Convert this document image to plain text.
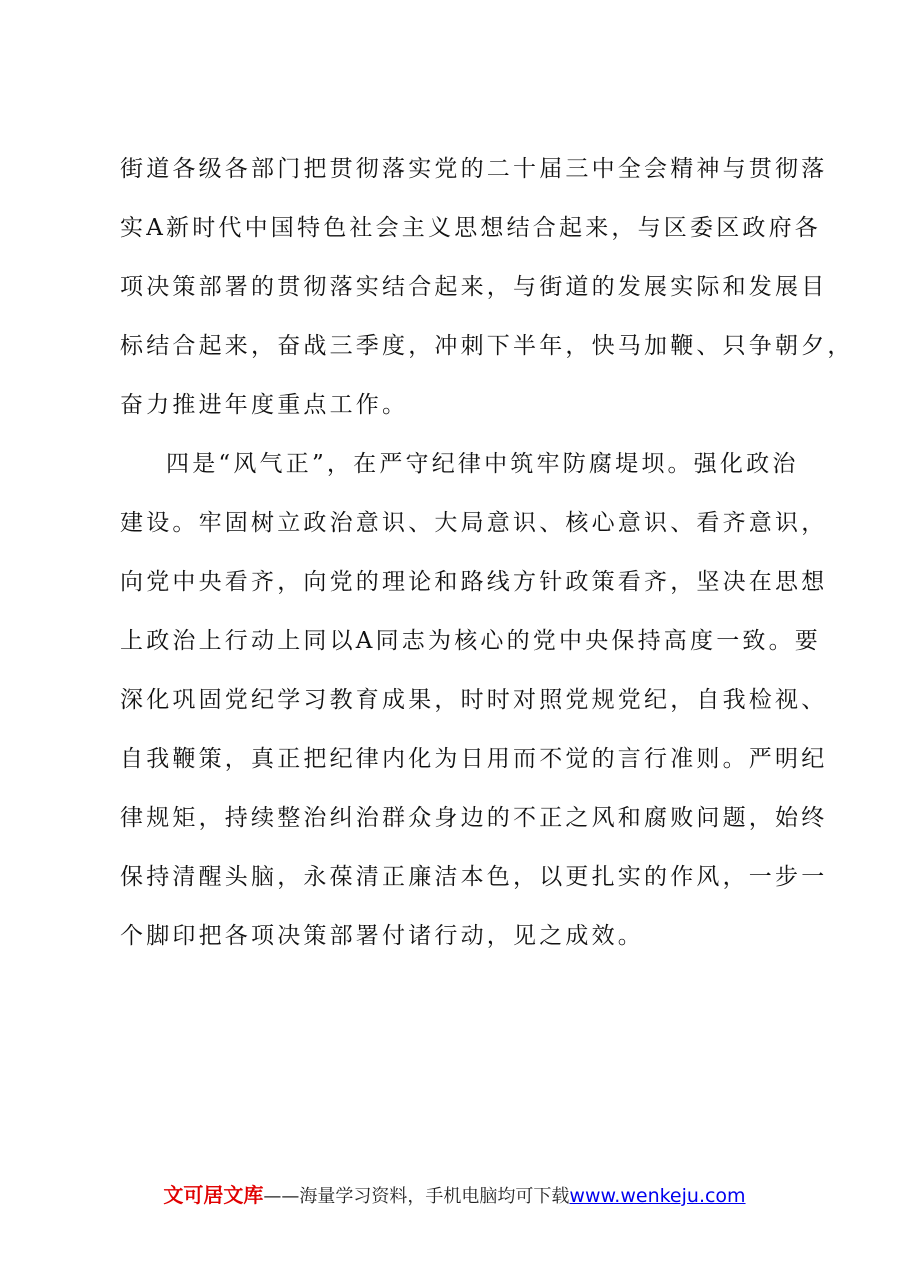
街道各级各部门把贯彻落实党的二十届三中全会精神与贯彻落
实A新时代中国特色社会主义思想结合起来，与区委区政府各
项决策部署的贯彻落实结合起来，与街道的发展实际和发展目
标结合起来，奋战三季度，冲刺下半年，快马加鞭、只争朝夕，
奋力推进年度重点工作。
四是“风气正”，在严守纪律中筑牢防腐堤坝。强化政治
建设。牢固树立政治意识、大局意识、核心意识、看齐意识，
向党中央看齐，向党的理论和路线方针政策看齐，坚决在思想
上政治上行动上同以A同志为核心的党中央保持高度一致。要
深化巩固党纪学习教育成果，时时对照党规党纪，自我检视、
自我鞭策，真正把纪律内化为日用而不觉的言行准则。严明纪
律规矩，持续整治纠治群众身边的不正之风和腐败问题，始终
保持清醒头脑，永葆清正廉洁本色，以更扎实的作风，一步一
个脚印把各项决策部署付诸行动，见之成效。
文可居文库——海量学习资料，手机电脑均可下载www.wenkeju.com
